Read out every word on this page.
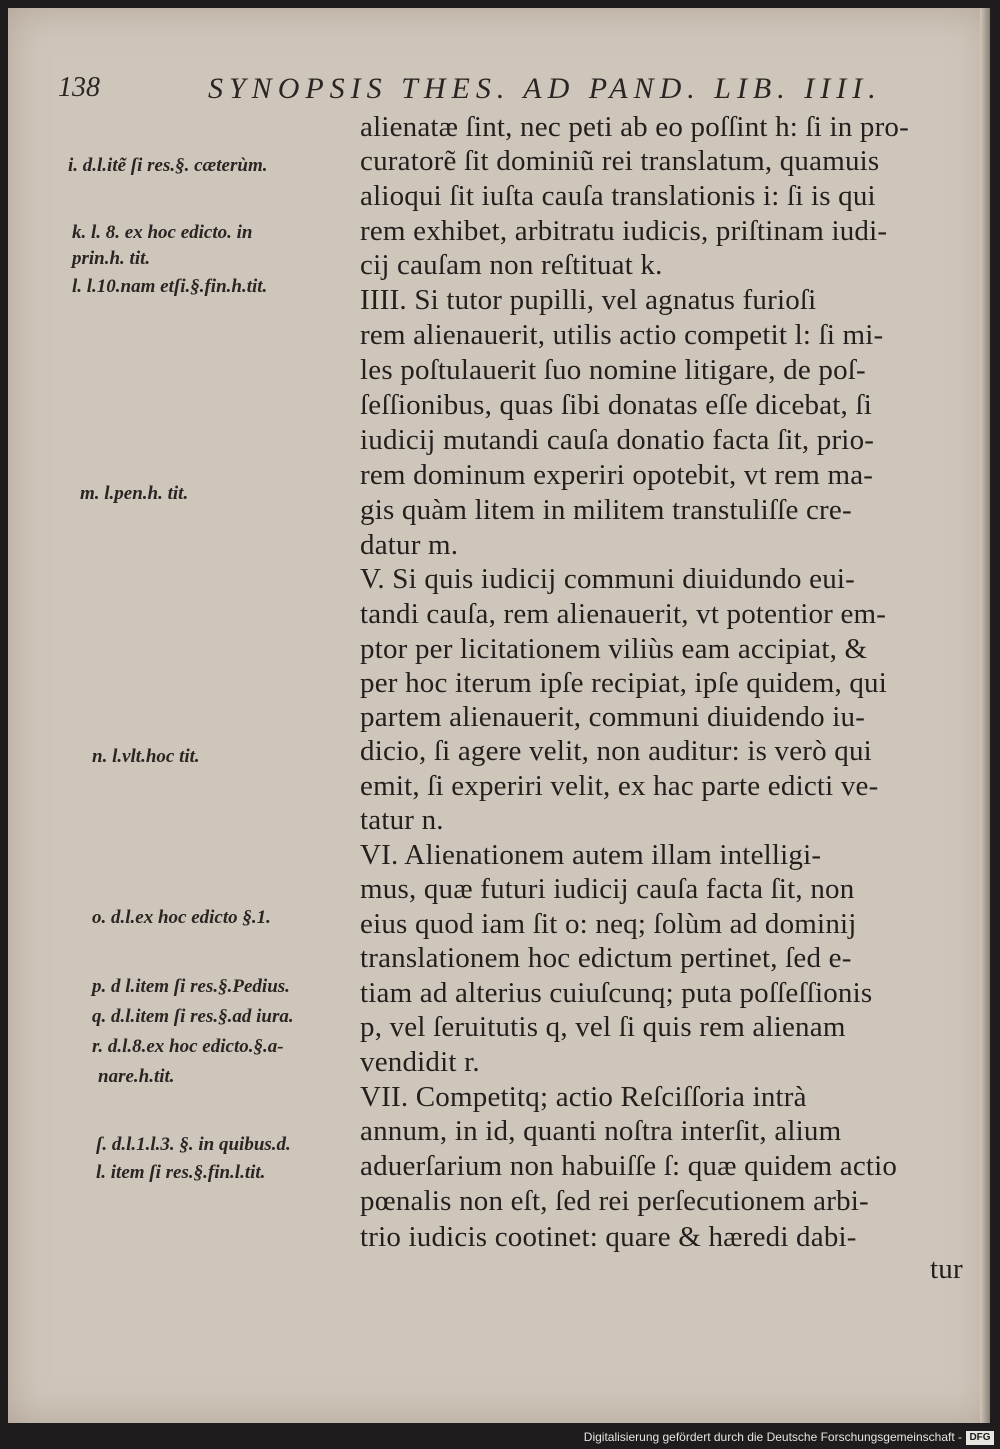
138	SYNOPSIS THES. AD PAND. LIB. IIII.
alienatæ ſint, nec peti ab eo poſſint h: ſi in pro-
curatorẽ ſit dominiũ rei translatum, quamuis
alioqui ſit iuſta cauſa translationis i: ſi is qui
rem exhibet, arbitratu iudicis, priſtinam iudi-
cij cauſam non reſtituat k.
IIII. Si tutor pupilli, vel agnatus furioſi
rem alienauerit, utilis actio competit l: ſi mi-
les poſtulauerit ſuo nomine litigare, de poſ-
ſeſſionibus, quas ſibi donatas eſſe dicebat, ſi
iudicij mutandi cauſa donatio facta ſit, prio-
rem dominum experiri opotebit, vt rem ma-
gis quàm litem in militem transtuliſſe cre-
datur m.
V. Si quis iudicij communi diuidundo eui-
tandi cauſa, rem alienauerit, vt potentior em-
ptor per licitationem viliùs eam accipiat, &
per hoc iterum ipſe recipiat, ipſe quidem, qui
partem alienauerit, communi diuidendo iu-
dicio, ſi agere velit, non auditur: is verò qui
emit, ſi experiri velit, ex hac parte edicti ve-
tatur n.
VI. Alienationem autem illam intelligi-
mus, quæ futuri iudicij cauſa facta ſit, non
eius quod iam ſit o: neq; ſolùm ad dominij
translationem hoc edictum pertinet, ſed e-
tiam ad alterius cuiuſcunq; puta poſſeſſionis
p, vel ſeruitutis q, vel ſi quis rem alienam
vendidit r.
VII. Competitq; actio Reſciſſoria intrà
annum, in id, quanti noſtra interſit, alium
aduerſarium non habuiſſe ſ: quæ quidem actio
pœnalis non eſt, ſed rei perſecutionem arbi-
trio iudicis cootinet: quare & hæredi dabi-
tur
i. d.l.itẽ ſi res.§. cæterùm.
k. l. 8. ex hoc edicto. in
prin.h. tit.
l. l.10.nam etſi.§.fin.h.tit.
m. l.pen.h. tit.
n. l.vlt.hoc tit.
o. d.l.ex hoc edicto §.1.
p. d l.item ſi res.§.Pedius.
q. d.l.item ſi res.§.ad iura.
r. d.l.8.ex hoc edicto.§.a-
nare.h.tit.
ſ. d.l.1.l.3. §. in quibus.d.
l. item ſi res.§.fin.l.tit.
Digitalisierung gefördert durch die Deutsche Forschungsgemeinschaft - DFG
